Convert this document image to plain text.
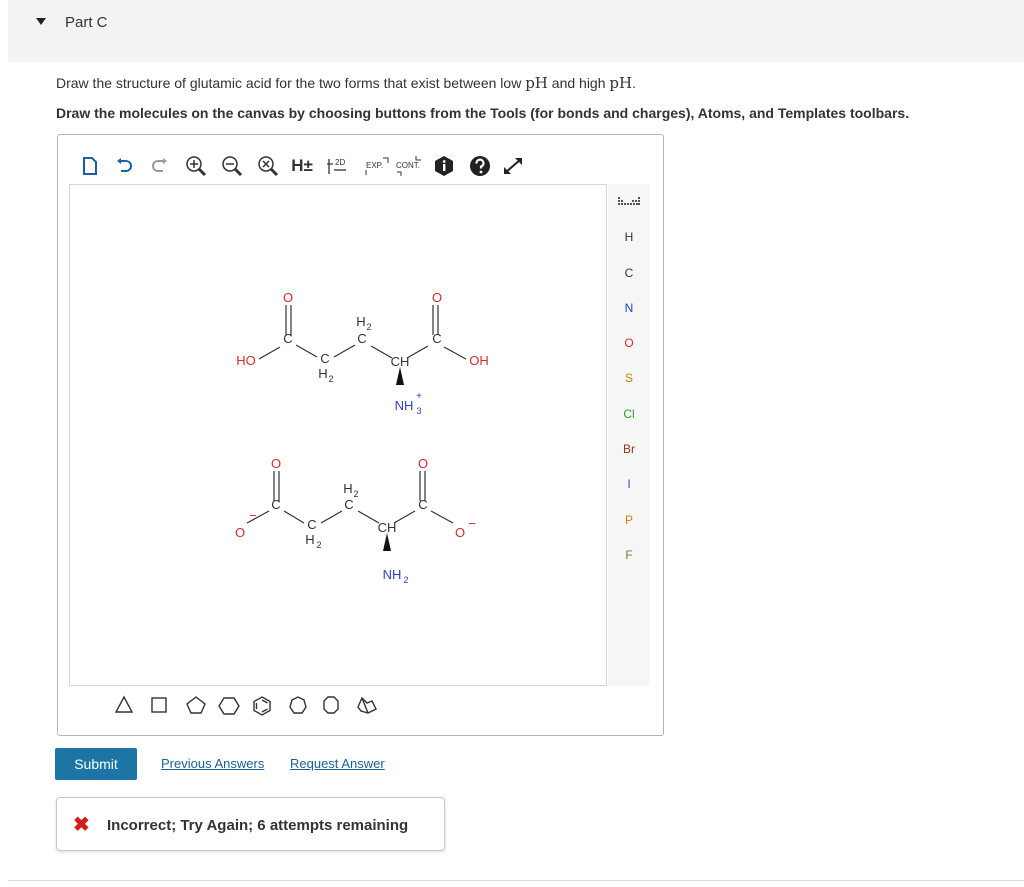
Part C
Draw the structure of glutamic acid for the two forms that exist between low pH and high pH.
Draw the molecules on the canvas by choosing buttons from the Tools (for bonds and charges), Atoms, and Templates toolbars.
H±	2D	EXP. CONT.
HO
C
O
C
H 2
C
H 2
CH
C
O
OH
NH 3
+
O
−
C
O
C
H 2
C
H 2
CH
C
O
O
−
NH 2
H
C
N
O
S
Cl
Br
I
P
F
Submit	Previous Answers Request Answer
✖ Incorrect; Try Again; 6 attempts remaining
